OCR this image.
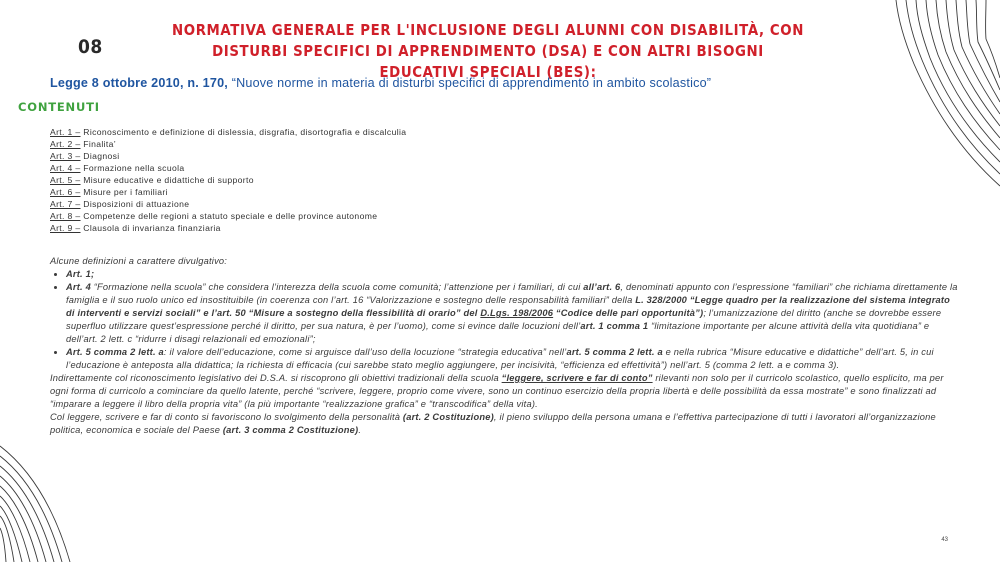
08
NORMATIVA GENERALE PER L'INCLUSIONE DEGLI ALUNNI CON DISABILITÀ, CON DISTURBI SPECIFICI DI APPRENDIMENTO (DSA) E CON ALTRI BISOGNI EDUCATIVI SPECIALI (BES):
Legge 8 ottobre 2010, n. 170, “Nuove norme in materia di disturbi specifici di apprendimento in ambito scolastico”
CONTENUTI
Art. 1 – Riconoscimento e definizione di dislessia, disgrafia, disortografia e discalculia
Art. 2 – Finalita’
Art. 3 – Diagnosi
Art. 4 – Formazione nella scuola
Art. 5 – Misure educative e didattiche di supporto
Art. 6 – Misure per i familiari
Art. 7 – Disposizioni di attuazione
Art. 8 – Competenze delle regioni a statuto speciale e delle province autonome
Art. 9 – Clausola di invarianza finanziaria

Alcune definizioni a carattere divulgativo:

• Art. 1;
• Art. 4 “Formazione nella scuola” che considera l’interezza della scuola come comunità; l’attenzione per i familiari, di cui all’art. 6, denominati appunto con l’espressione “familiari” che richiama direttamente la famiglia e il suo ruolo unico ed insostituibile (in coerenza con l’art. 16 “Valorizzazione e sostegno delle responsabilità familiari” della L. 328/2000 “Legge quadro per la realizzazione del sistema integrato di interventi e servizi sociali” e l’art. 50 “Misure a sostegno della flessibilità di orario” del D.Lgs. 198/2006 “Codice delle pari opportunità”); l’umanizzazione del diritto (anche se dovrebbe essere superfluo utilizzare quest’espressione perché il diritto, per sua natura, è per l’uomo), come si evince dalle locuzioni dell’art. 1 comma 1 “limitazione importante per alcune attività della vita quotidiana” e dell’art. 2 lett. c “ridurre i disagi relazionali ed emozionali”;
• Art. 5 comma 2 lett. a: il valore dell’educazione, come si arguisce dall’uso della locuzione “strategia educativa” nell’art. 5 comma 2 lett. a e nella rubrica “Misure educative e didattiche” dell’art. 5, in cui l’educazione è anteposta alla didattica; la richiesta di efficacia (cui sarebbe stato meglio aggiungere, per incisività, “efficienza ed effettività”) nell’art. 5 (comma 2 lett. a e comma 3).

Indirettamente col riconoscimento legislativo dei D.S.A. si riscoprono gli obiettivi tradizionali della scuola “leggere, scrivere e far di conto” rilevanti non solo per il curricolo scolastico, quello esplicito, ma per ogni forma di curricolo a cominciare da quello latente, perché “scrivere, leggere, proprio come vivere, sono un continuo esercizio della propria libertà e delle possibilità da essa mostrate” e sono finalizzati ad “imparare a leggere il libro della propria vita” (la più importante “realizzazione grafica” e “transcodifica” della vita).

Col leggere, scrivere e far di conto si favoriscono lo svolgimento della personalità (art. 2 Costituzione), il pieno sviluppo della persona umana e l’effettiva partecipazione di tutti i lavoratori all’organizzazione politica, economica e sociale del Paese (art. 3 comma 2 Costituzione).

43
